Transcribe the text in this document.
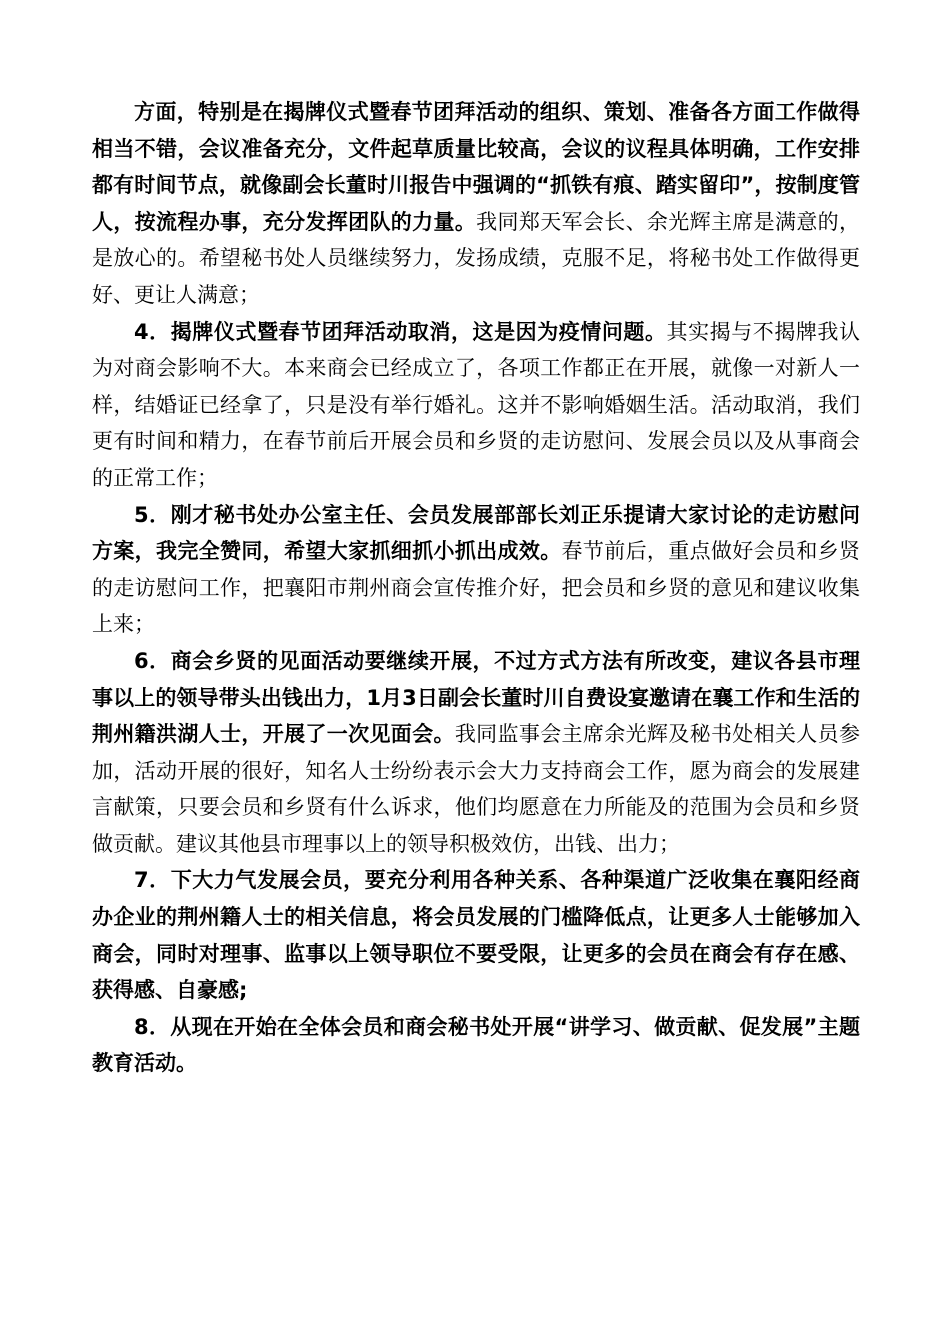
方面，特别是在揭牌仪式暨春节团拜活动的组织、策划、准备各方面工作做得相当不错，会议准备充分，文件起草质量比较高，会议的议程具体明确，工作安排都有时间节点，就像副会长董时川报告中强调的“抓铁有痕、踏实留印”，按制度管人，按流程办事，充分发挥团队的力量。我同郑天军会长、余光辉主席是满意的，是放心的。希望秘书处人员继续努力，发扬成绩，克服不足，将秘书处工作做得更好、更让人满意；

4．揭牌仪式暨春节团拜活动取消，这是因为疫情问题。其实揭与不揭牌我认为对商会影响不大。本来商会已经成立了，各项工作都正在开展，就像一对新人一样，结婚证已经拿了，只是没有举行婚礼。这并不影响婚姻生活。活动取消，我们更有时间和精力，在春节前后开展会员和乡贤的走访慰问、发展会员以及从事商会的正常工作；

5．刚才秘书处办公室主任、会员发展部部长刘正乐提请大家讨论的走访慰问方案，我完全赞同，希望大家抓细抓小抓出成效。春节前后，重点做好会员和乡贤的走访慰问工作，把襄阳市荆州商会宣传推介好，把会员和乡贤的意见和建议收集上来；

6．商会乡贤的见面活动要继续开展，不过方式方法有所改变，建议各县市理事以上的领导带头出钱出力，1月3日副会长董时川自费设宴邀请在襄工作和生活的荆州籍洪湖人士，开展了一次见面会。我同监事会主席余光辉及秘书处相关人员参加，活动开展的很好，知名人士纷纷表示会大力支持商会工作，愿为商会的发展建言献策，只要会员和乡贤有什么诉求，他们均愿意在力所能及的范围为会员和乡贤做贡献。建议其他县市理事以上的领导积极效仿，出钱、出力；

7．下大力气发展会员，要充分利用各种关系、各种渠道广泛收集在襄阳经商办企业的荆州籍人士的相关信息，将会员发展的门槛降低点，让更多人士能够加入商会，同时对理事、监事以上领导职位不要受限，让更多的会员在商会有存在感、获得感、自豪感;

8．从现在开始在全体会员和商会秘书处开展“讲学习、做贡献、促发展”主题教育活动。
